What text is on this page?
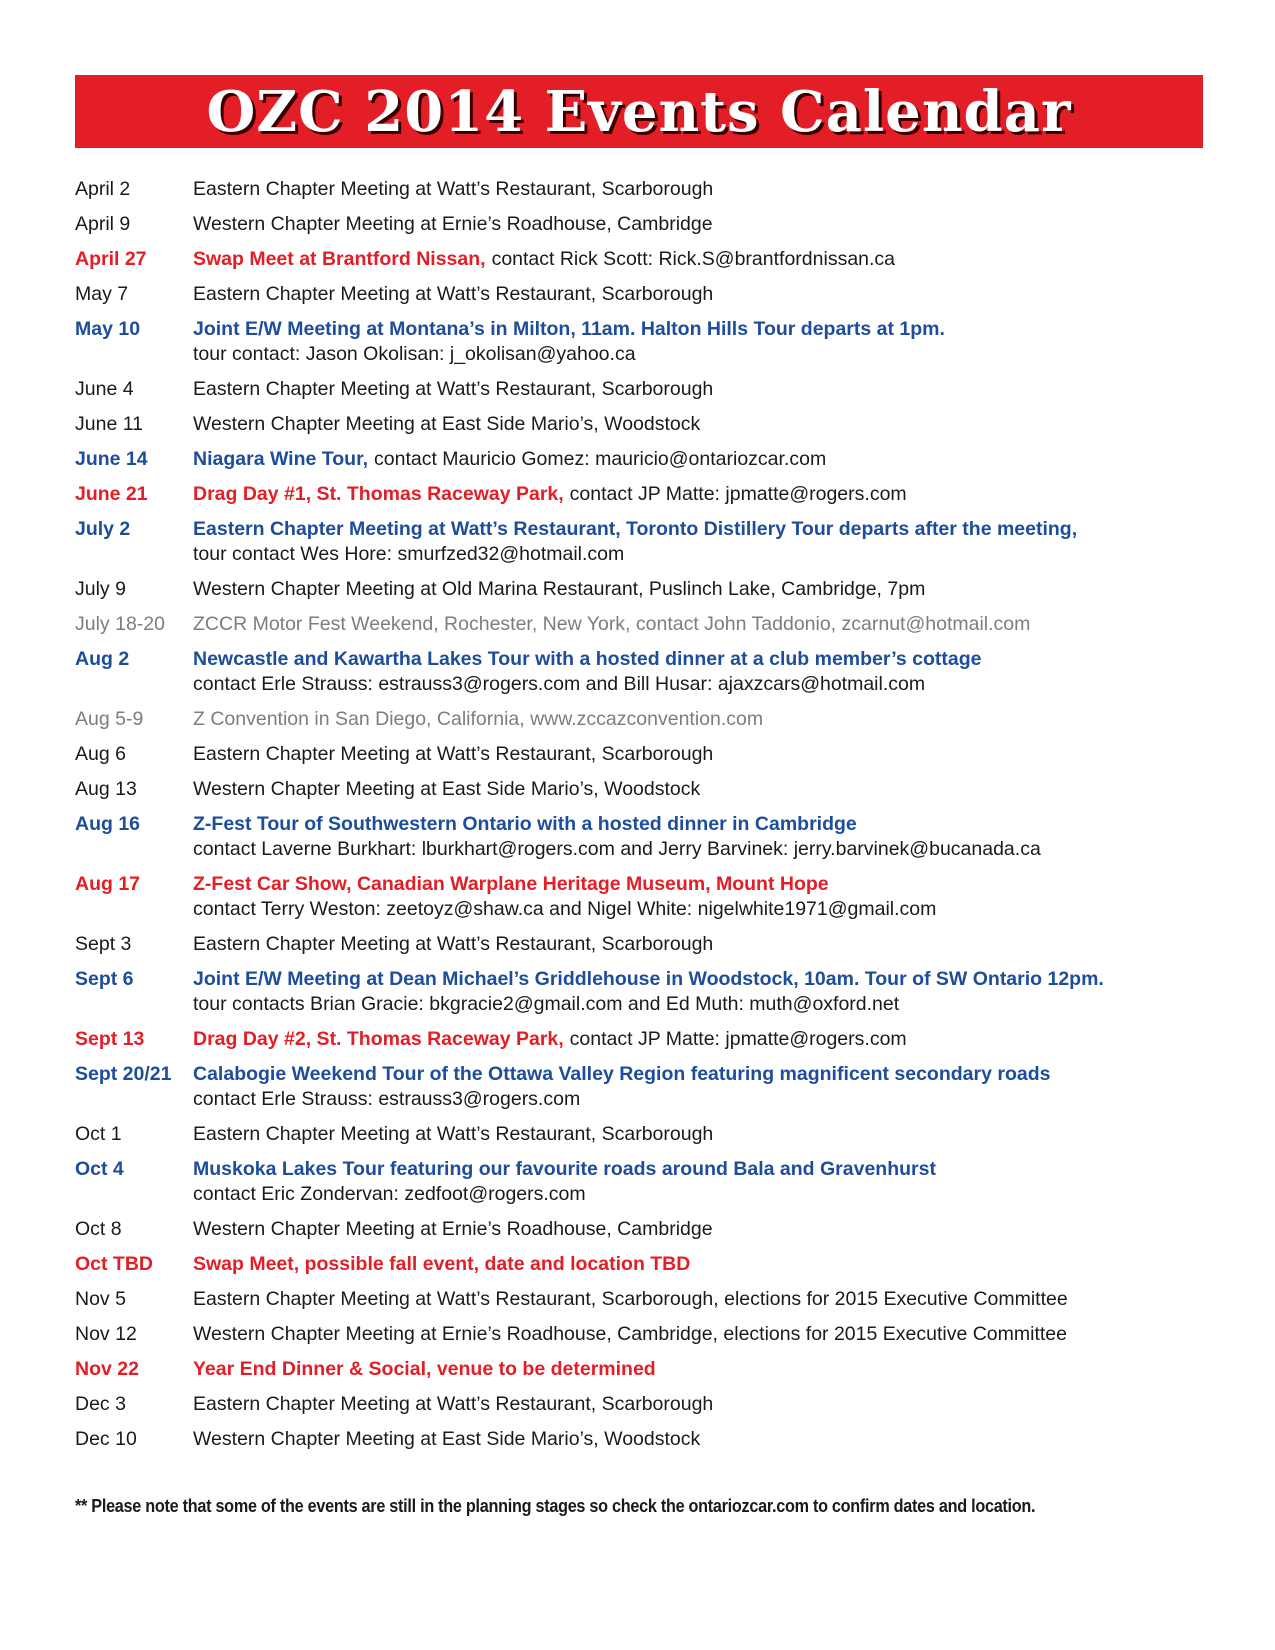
OZC 2014 Events Calendar
April 2	Eastern Chapter Meeting at Watt’s Restaurant, Scarborough
April 9	Western Chapter Meeting at Ernie’s Roadhouse, Cambridge
April 27	Swap Meet at Brantford Nissan, contact Rick Scott: Rick.S@brantfordnissan.ca
May 7	Eastern Chapter Meeting at Watt’s Restaurant, Scarborough
May 10	Joint E/W Meeting at Montana’s in Milton, 11am. Halton Hills Tour departs at 1pm.
tour contact: Jason Okolisan: j_okolisan@yahoo.ca
June 4	Eastern Chapter Meeting at Watt’s Restaurant, Scarborough
June 11	Western Chapter Meeting at East Side Mario’s, Woodstock
June 14	Niagara Wine Tour, contact Mauricio Gomez: mauricio@ontariozcar.com
June 21	Drag Day #1, St. Thomas Raceway Park, contact JP Matte: jpmatte@rogers.com
July 2	Eastern Chapter Meeting at Watt’s Restaurant, Toronto Distillery Tour departs after the meeting,
tour contact Wes Hore: smurfzed32@hotmail.com
July 9	Western Chapter Meeting at Old Marina Restaurant, Puslinch Lake, Cambridge, 7pm
July 18-20	ZCCR Motor Fest Weekend, Rochester, New York, contact John Taddonio, zcarnut@hotmail.com
Aug 2	Newcastle and Kawartha Lakes Tour with a hosted dinner at a club member’s cottage
contact Erle Strauss: estrauss3@rogers.com and Bill Husar: ajaxzcars@hotmail.com
Aug 5-9	Z Convention in San Diego, California, www.zccazconvention.com
Aug 6	Eastern Chapter Meeting at Watt’s Restaurant, Scarborough
Aug 13	Western Chapter Meeting at East Side Mario’s, Woodstock
Aug 16	Z-Fest Tour of Southwestern Ontario with a hosted dinner in Cambridge
contact Laverne Burkhart: lburkhart@rogers.com and Jerry Barvinek: jerry.barvinek@bucanada.ca
Aug 17	Z-Fest Car Show, Canadian Warplane Heritage Museum, Mount Hope
contact Terry Weston: zeetoyz@shaw.ca and Nigel White: nigelwhite1971@gmail.com
Sept 3	Eastern Chapter Meeting at Watt’s Restaurant, Scarborough
Sept 6	Joint E/W Meeting at Dean Michael’s Griddlehouse in Woodstock, 10am. Tour of SW Ontario 12pm.
tour contacts Brian Gracie: bkgracie2@gmail.com and Ed Muth: muth@oxford.net
Sept 13	Drag Day #2, St. Thomas Raceway Park, contact JP Matte: jpmatte@rogers.com
Sept 20/21	Calabogie Weekend Tour of the Ottawa Valley Region featuring magnificent secondary roads
contact Erle Strauss: estrauss3@rogers.com
Oct 1	Eastern Chapter Meeting at Watt’s Restaurant, Scarborough
Oct 4	Muskoka Lakes Tour featuring our favourite roads around Bala and Gravenhurst
contact Eric Zondervan: zedfoot@rogers.com
Oct 8	Western Chapter Meeting at Ernie’s Roadhouse, Cambridge
Oct TBD	Swap Meet, possible fall event, date and location TBD
Nov 5	Eastern Chapter Meeting at Watt’s Restaurant, Scarborough, elections for 2015 Executive Committee
Nov 12	Western Chapter Meeting at Ernie’s Roadhouse, Cambridge, elections for 2015 Executive Committee
Nov 22	Year End Dinner & Social, venue to be determined
Dec 3	Eastern Chapter Meeting at Watt’s Restaurant, Scarborough
Dec 10	Western Chapter Meeting at East Side Mario’s, Woodstock
** Please note that some of the events are still in the planning stages so check the ontariozcar.com to confirm dates and location.
